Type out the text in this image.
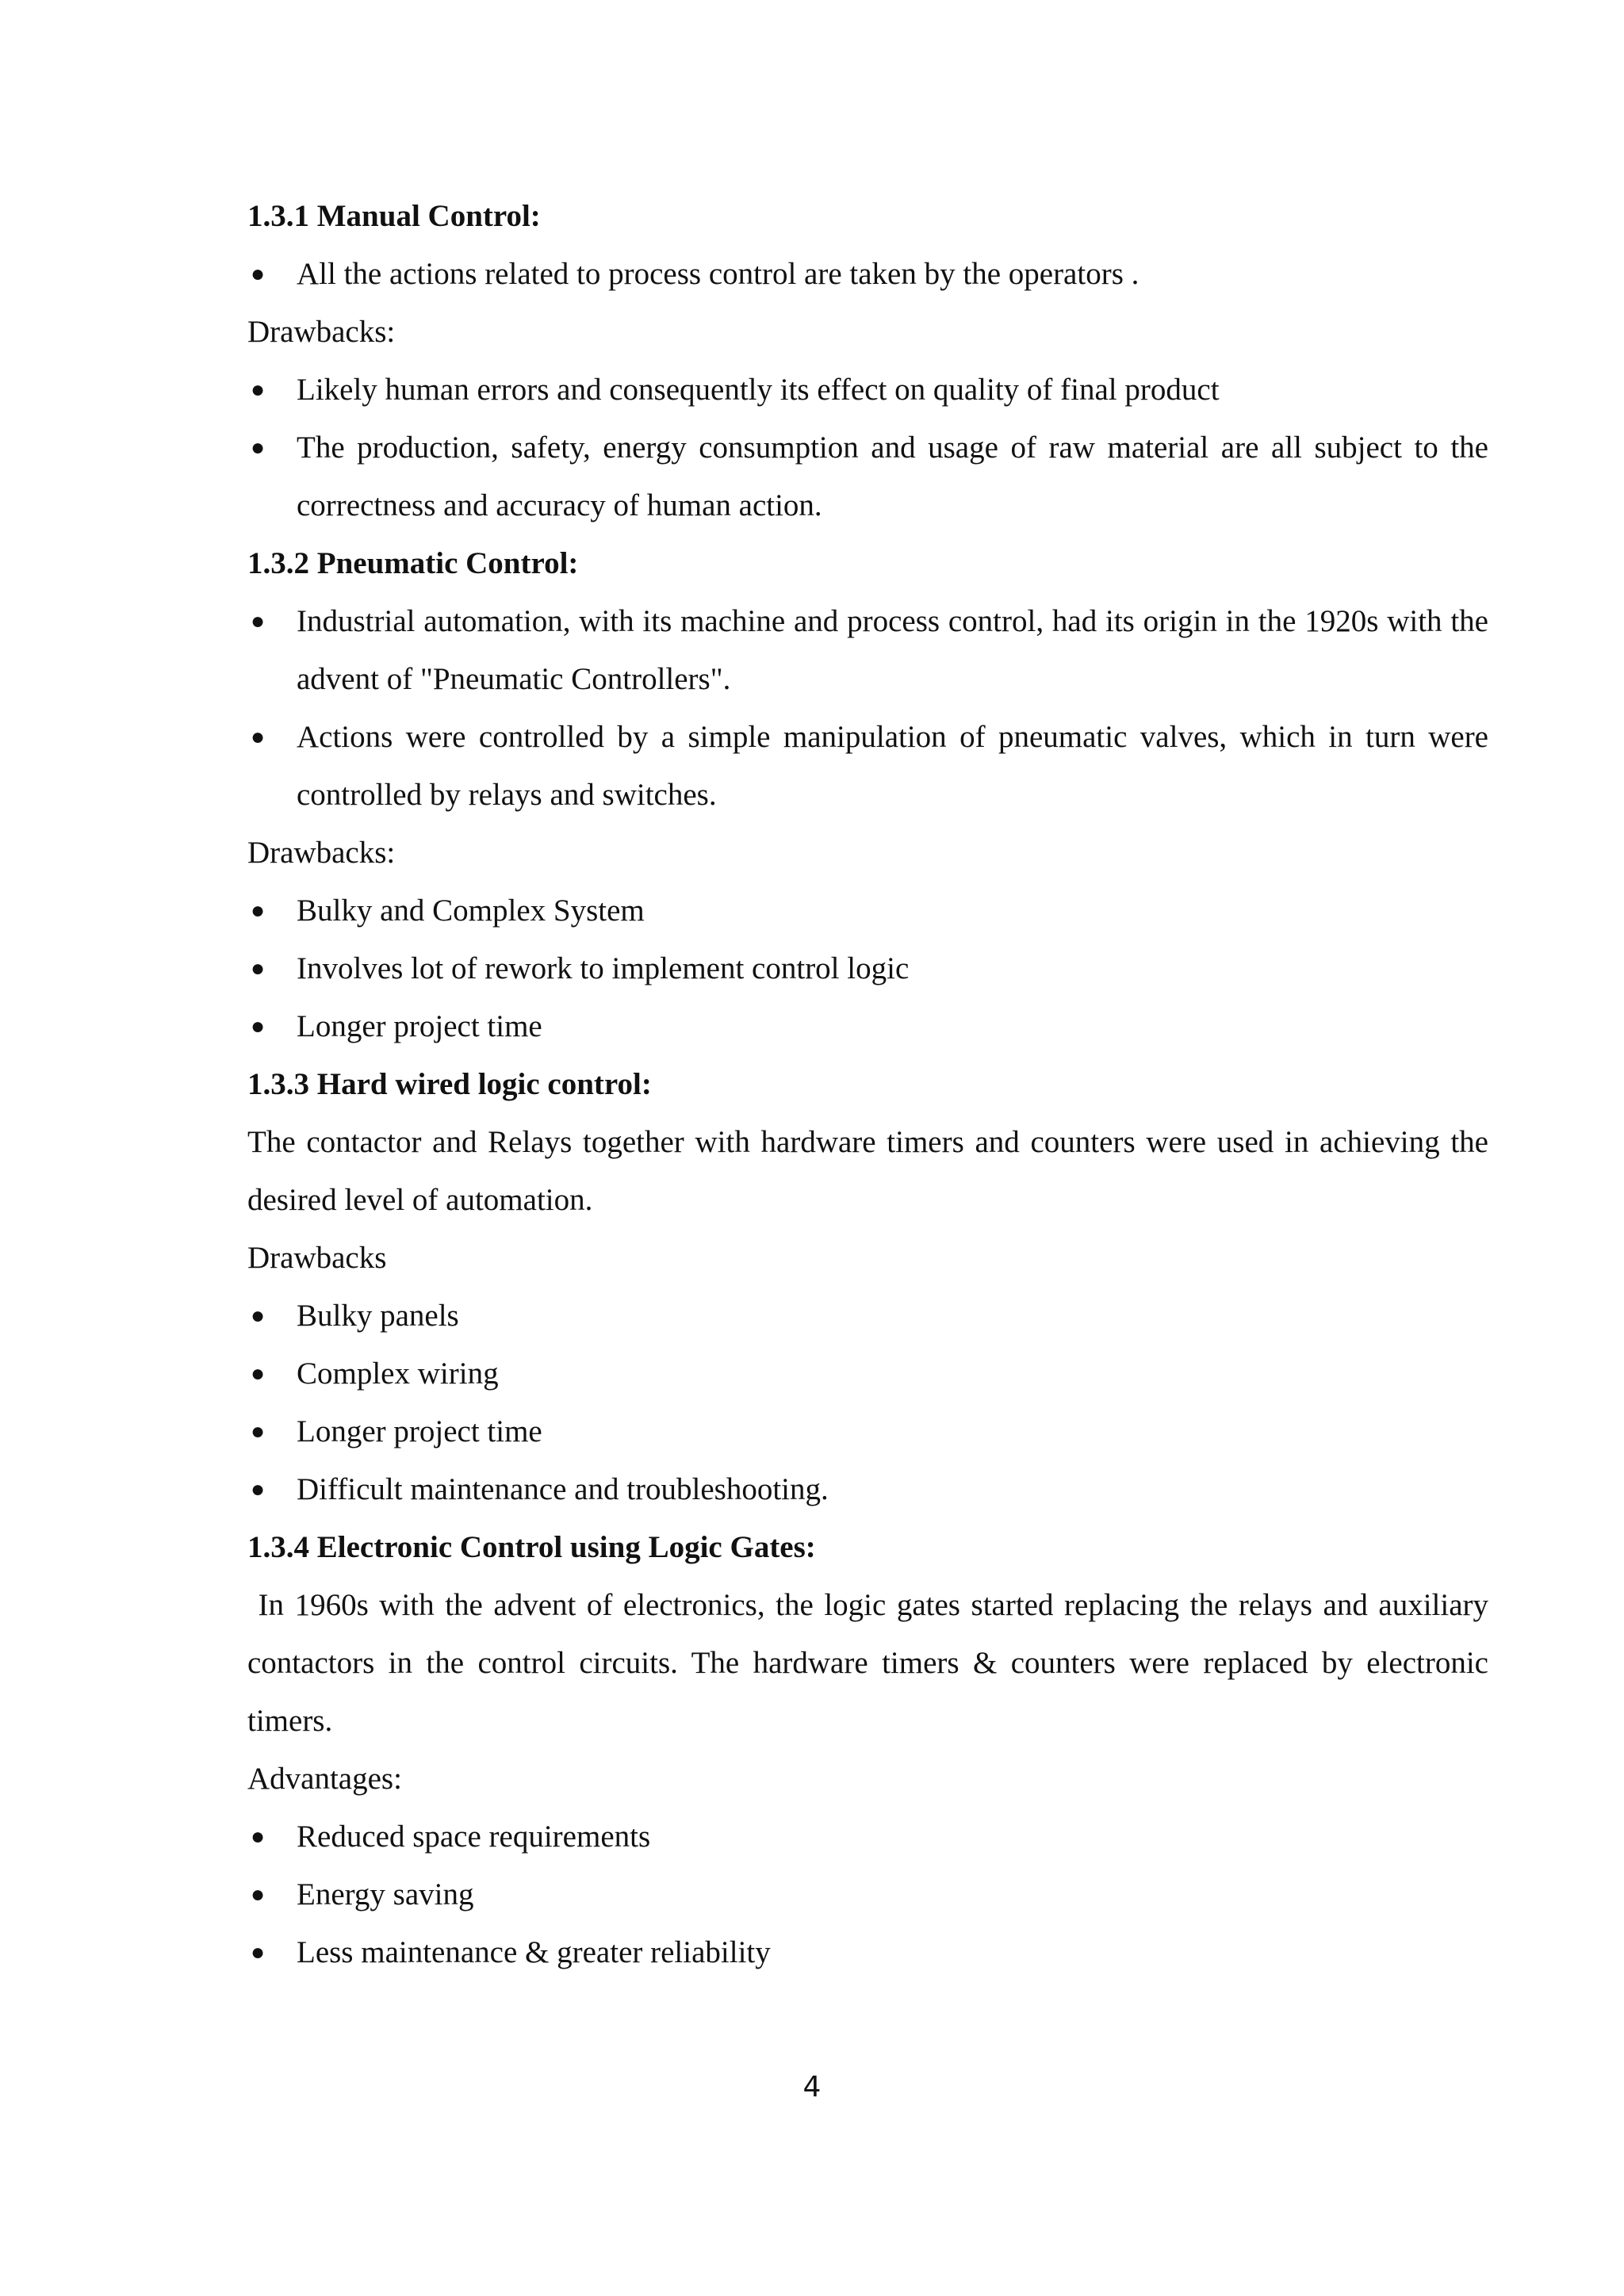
1.3.1 Manual Control:

● All the actions related to process control are taken by the operators .

Drawbacks:

● Likely human errors and consequently its effect on quality of final product
● The production, safety, energy consumption and usage of raw material are all subject to the correctness and accuracy of human action.

1.3.2 Pneumatic Control:

● Industrial automation, with its machine and process control, had its origin in the 1920s with the advent of "Pneumatic Controllers".
● Actions were controlled by a simple manipulation of pneumatic valves, which in turn were controlled by relays and switches.

Drawbacks:

● Bulky and Complex System
● Involves lot of rework to implement control logic
● Longer project time

1.3.3 Hard wired logic control:

The contactor and Relays together with hardware timers and counters were used in achieving the desired level of automation.

Drawbacks

● Bulky panels
● Complex wiring
● Longer project time
● Difficult maintenance and troubleshooting.

1.3.4 Electronic Control using Logic Gates:

In 1960s with the advent of electronics, the logic gates started replacing the relays and auxiliary contactors in the control circuits. The hardware timers & counters were replaced by electronic timers.

Advantages:

● Reduced space requirements
● Energy saving
● Less maintenance & greater reliability
4
